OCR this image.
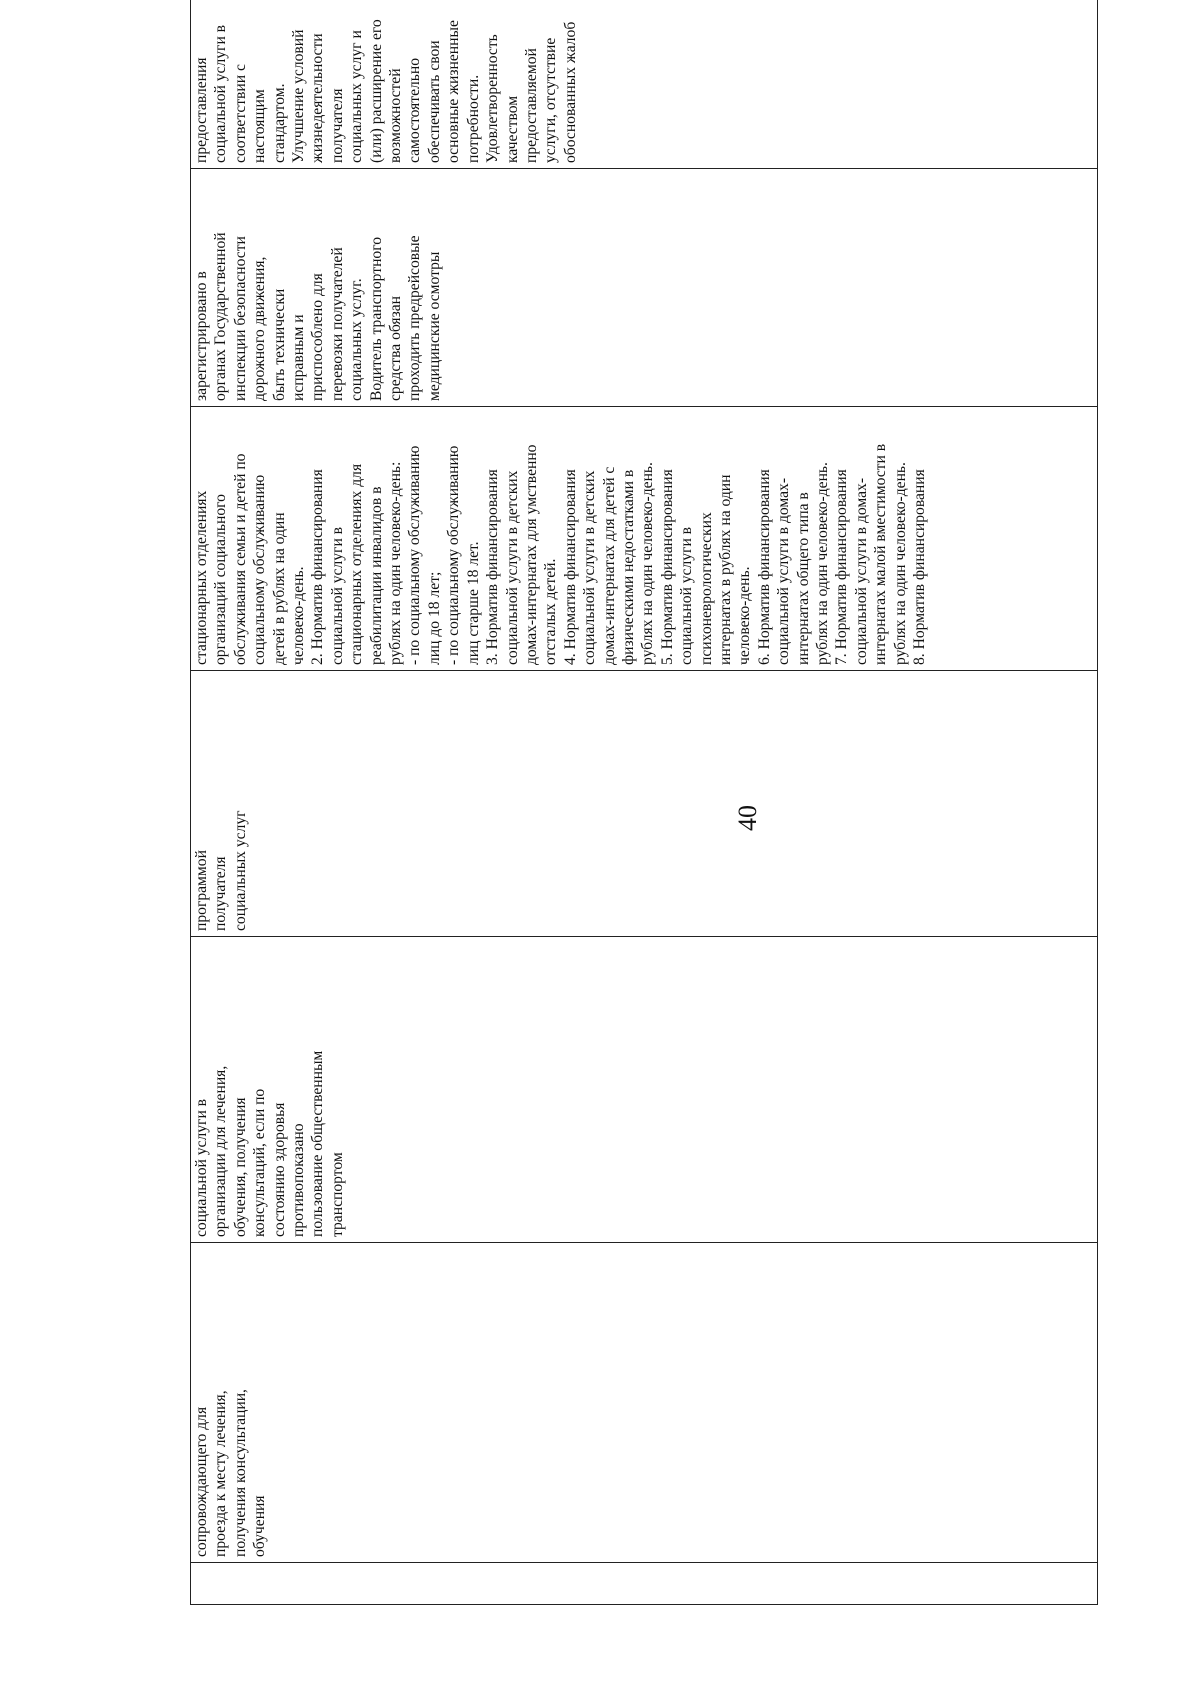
40

сопровождающего для проезда к месту лечения, получения консультации, обучения

социальной услуги в организации для лечения, обучения, получения консультаций, если по состоянию здоровья противопоказано пользование общественным транспортом

программой получателя социальных услуг

стационарных отделениях организаций социального обслуживания семьи и детей по социальному обслуживанию детей в рублях на один человеко-день. 2. Норматив финансирования социальной услуги в стационарных отделениях для реабилитации инвалидов в рублях на один человеко-день: - по социальному обслуживанию лиц до 18 лет; - по социальному обслуживанию лиц старше 18 лет. 3. Норматив финансирования социальной услуги в детских домах-интернатах для умственно отсталых детей. 4. Норматив финансирования социальной услуги в детских домах-интернатах для детей с физическими недостатками в рублях на один человеко-день. 5. Норматив финансирования социальной услуги в психоневрологических интернатах в рублях на один человеко-день. 6. Норматив финансирования социальной услуги в домах- интернатах общего типа в рублях на один человеко-день. 7. Норматив финансирования социальной услуги в домах- интернатах малой вместимости в рублях на один человеко-день. 8. Норматив финансирования

зарегистрировано в органах Государственной инспекции безопасности дорожного движения, быть технически исправным и приспособлено для перевозки получателей социальных услуг. Водитель транспортного средства обязан проходить предрейсовые медицинские осмотры

предоставления социальной услуги в соответствии с настоящим стандартом. Улучшение условий жизнедеятельности получателя социальных услуг и (или) расширение его возможностей самостоятельно обеспечивать свои основные жизненные потребности. Удовлетворенность качеством предоставляемой услуги, отсутствие обоснованных жалоб
